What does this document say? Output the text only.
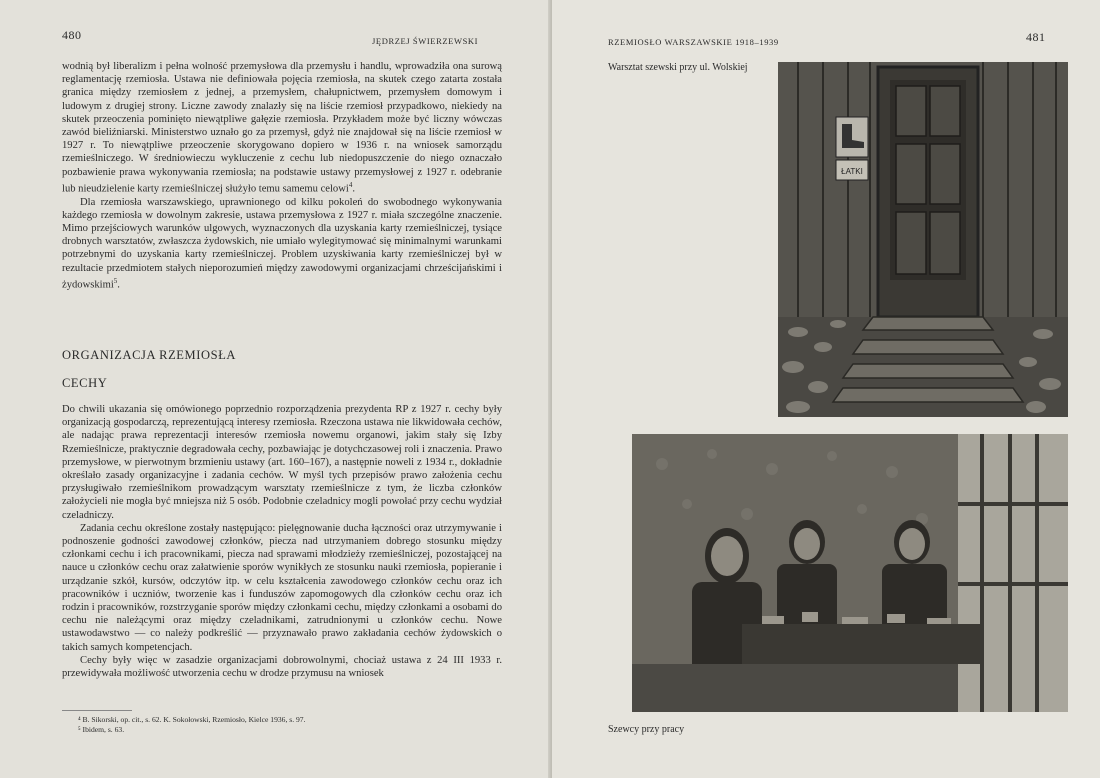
480	JĘDRZEJ ŚWIERZEWSKI

wodnią był liberalizm i pełna wolność przemysłowa dla przemysłu i handlu, wprowadziła ona surową reglamentację rzemiosła. Ustawa nie definiowała pojęcia rzemiosła, na skutek czego zatarta została granica między rzemiosłem z jednej, a przemysłem, chałupnictwem, przemysłem domowym i ludowym z drugiej strony. Liczne zawody znalazły się na liście rzemiosł przypadkowo, niekiedy na skutek przeoczenia pominięto niewątpliwe gałęzie rzemiosła. Przykładem może być liczny wówczas zawód bieliźniarski. Ministerstwo uznało go za przemysł, gdyż nie znajdował się na liście rzemiosł w 1927 r. To niewątpliwe przeoczenie skorygowano dopiero w 1936 r. na wniosek samorządu rzemieślniczego. W średniowieczu wykluczenie z cechu lub niedopuszczenie do niego oznaczało pozbawienie prawa wykonywania rzemiosła; na podstawie ustawy przemysłowej z 1927 r. odebranie lub nieudzielenie karty rzemieślniczej służyło temu samemu celowi$^4$.

Dla rzemiosła warszawskiego, uprawnionego od kilku pokoleń do swobodnego wykonywania każdego rzemiosła w dowolnym zakresie, ustawa przemysłowa z 1927 r. miała szczególne znaczenie. Mimo przejściowych warunków ulgowych, wyznaczonych dla uzyskania karty rzemieślniczej, tysiące drobnych warsztatów, zwłaszcza żydowskich, nie umiało wylegitymować się minimalnymi warunkami potrzebnymi do uzyskania karty rzemieślniczej. Problem uzyskiwania karty rzemieślniczej był w rezultacie przedmiotem stałych nieporozumień między zawodowymi organizacjami chrześcijańskimi i żydowskimi$^5$.

ORGANIZACJA RZEMIOSŁA
CECHY

Do chwili ukazania się omówionego poprzednio rozporządzenia prezydenta RP z 1927 r. cechy były organizacją gospodarczą, reprezentującą interesy rzemiosła. Rzeczona ustawa nie likwidowała cechów, ale nadając prawa reprezentacji interesów rzemiosła nowemu organowi, jakim stały się Izby Rzemieślnicze, praktycznie degradowała cechy, pozbawiając je dotychczasowej roli i znaczenia. Prawo przemysłowe, w pierwotnym brzmieniu ustawy (art. 160–167), a następnie noweli z 1934 r., dokładnie określało zasady organizacyjne i zadania cechów. W myśl tych przepisów prawo założenia cechu przysługiwało rzemieślnikom prowadzącym warsztaty rzemieślnicze z tym, że liczba członków założycieli nie mogła być mniejsza niż 5 osób. Podobnie czeladnicy mogli powołać przy cechu wydział czeladniczy.

Zadania cechu określone zostały następująco: pielęgnowanie ducha łączności oraz utrzymywanie i podnoszenie godności zawodowej członków, piecza nad utrzymaniem dobrego stosunku między członkami cechu i ich pracownikami, piecza nad sprawami młodzieży rzemieślniczej, pozostającej na nauce u członków cechu oraz załatwienie sporów wynikłych ze stosunku nauki rzemiosła, popieranie i urządzanie szkół, kursów, odczytów itp. w celu kształcenia zawodowego członków cechu oraz ich pracowników i uczniów, tworzenie kas i funduszów zapomogowych dla członków cechu oraz ich rodzin i pracowników, rozstrzyganie sporów między członkami cechu, między członkami a osobami do cechu nie należącymi oraz między czeladnikami, zatrudnionymi u członków cechu. Nowe ustawodawstwo — co należy podkreślić — przyznawało prawo zakładania cechów żydowskich o takich samych kompetencjach.

Cechy były więc w zasadzie organizacjami dobrowolnymi, chociaż ustawa z 24 III 1933 r. przewidywała możliwość utworzenia cechu w drodze przymusu na wniosek

⁴ B. Sikorski, op. cit., s. 62. K. Sokołowski, Rzemiosło, Kielce 1936, s. 97.
⁵ Ibidem, s. 63.
RZEMIOSŁO WARSZAWSKIE 1918–1939	481
Warsztat szewski przy ul. Wolskiej
ŁATKI
Szewcy przy pracy
